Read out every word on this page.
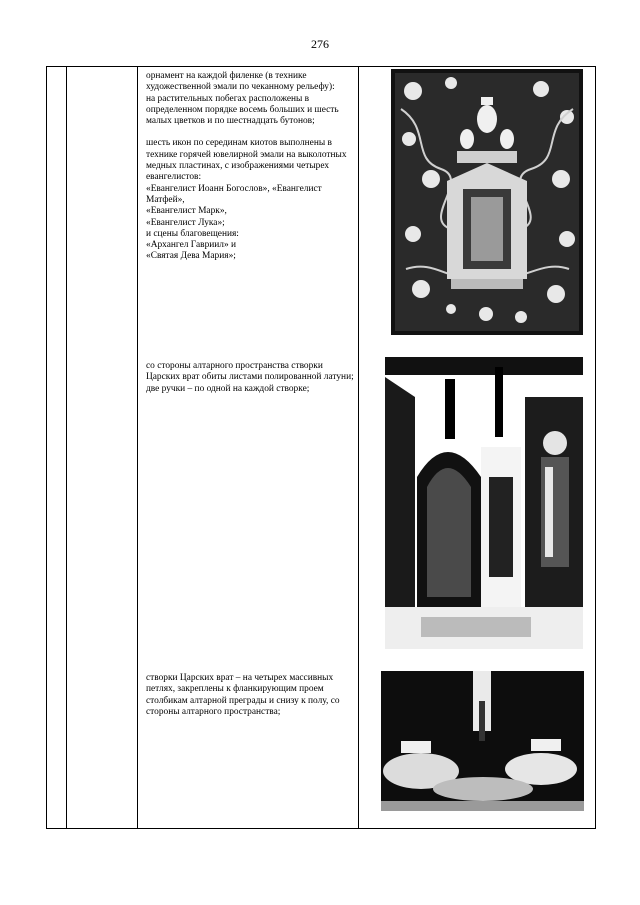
276

орнамент на каждой филенке (в технике художественной эмали по чеканному рельефу):

на растительных побегах расположены в определенном порядке восемь больших и шесть малых цветков и по шестнадцать бутонов;

шесть икон по серединам киотов выполнены в технике горячей ювелирной эмали на выколотных медных пластинах, с изображениями четырех евангелистов:

«Евангелист Иоанн Богослов», «Евангелист Матфей»,

«Евангелист Марк»,

«Евангелист Лука»;

и сцены благовещения:

«Архангел Гавриил» и

«Святая Дева Мария»;

со стороны алтарного пространства створки Царских врат обиты листами полированной латуни;

две ручки – по одной на каждой створке;

створки Царских врат – на четырех массивных петлях, закреплены к фланкирующим проем столбикам алтарной преграды и снизу к полу, со стороны алтарного пространства;
